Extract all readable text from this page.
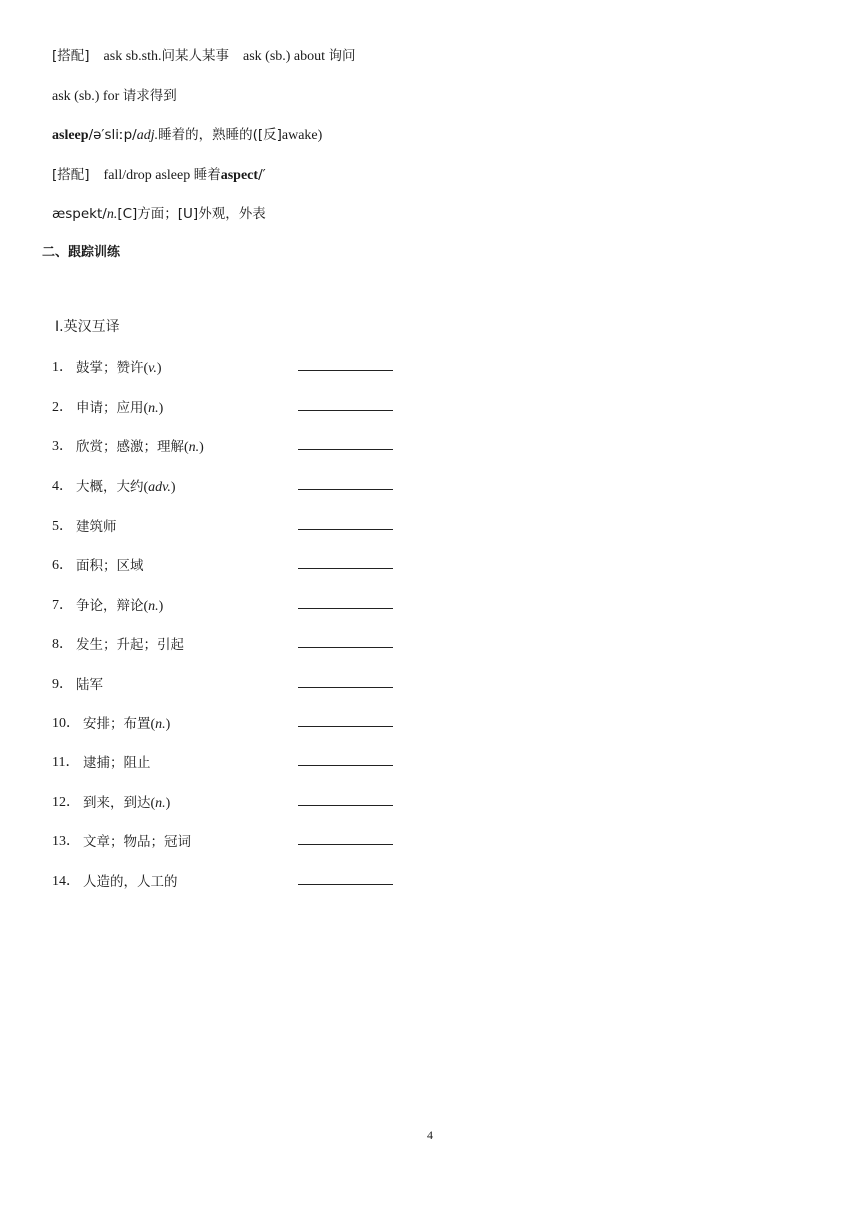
[搭配] ask sb.sth.问某人某事 ask (sb.) about 询问
ask (sb.) for 请求得到
asleep/ə′sliːp/adj.睡着的，熟睡的([反]awake)
[搭配] fall/drop asleep 睡着aspect/′
æspekt/n.[C]方面；[U]外观，外表
二、跟踪训练
Ⅰ.英汉互译
1． 鼓掌；赞许(v.)
2． 申请；应用(n.)
3． 欣赏；感激；理解(n.)
4． 大概，大约(adv.)
5． 建筑师
6． 面积；区域
7． 争论，辩论(n.)
8． 发生；升起；引起
9． 陆军
10． 安排；布置(n.)
11． 逮捕；阻止
12． 到来，到达(n.)
13． 文章；物品；冠词
14． 人造的，人工的
4
